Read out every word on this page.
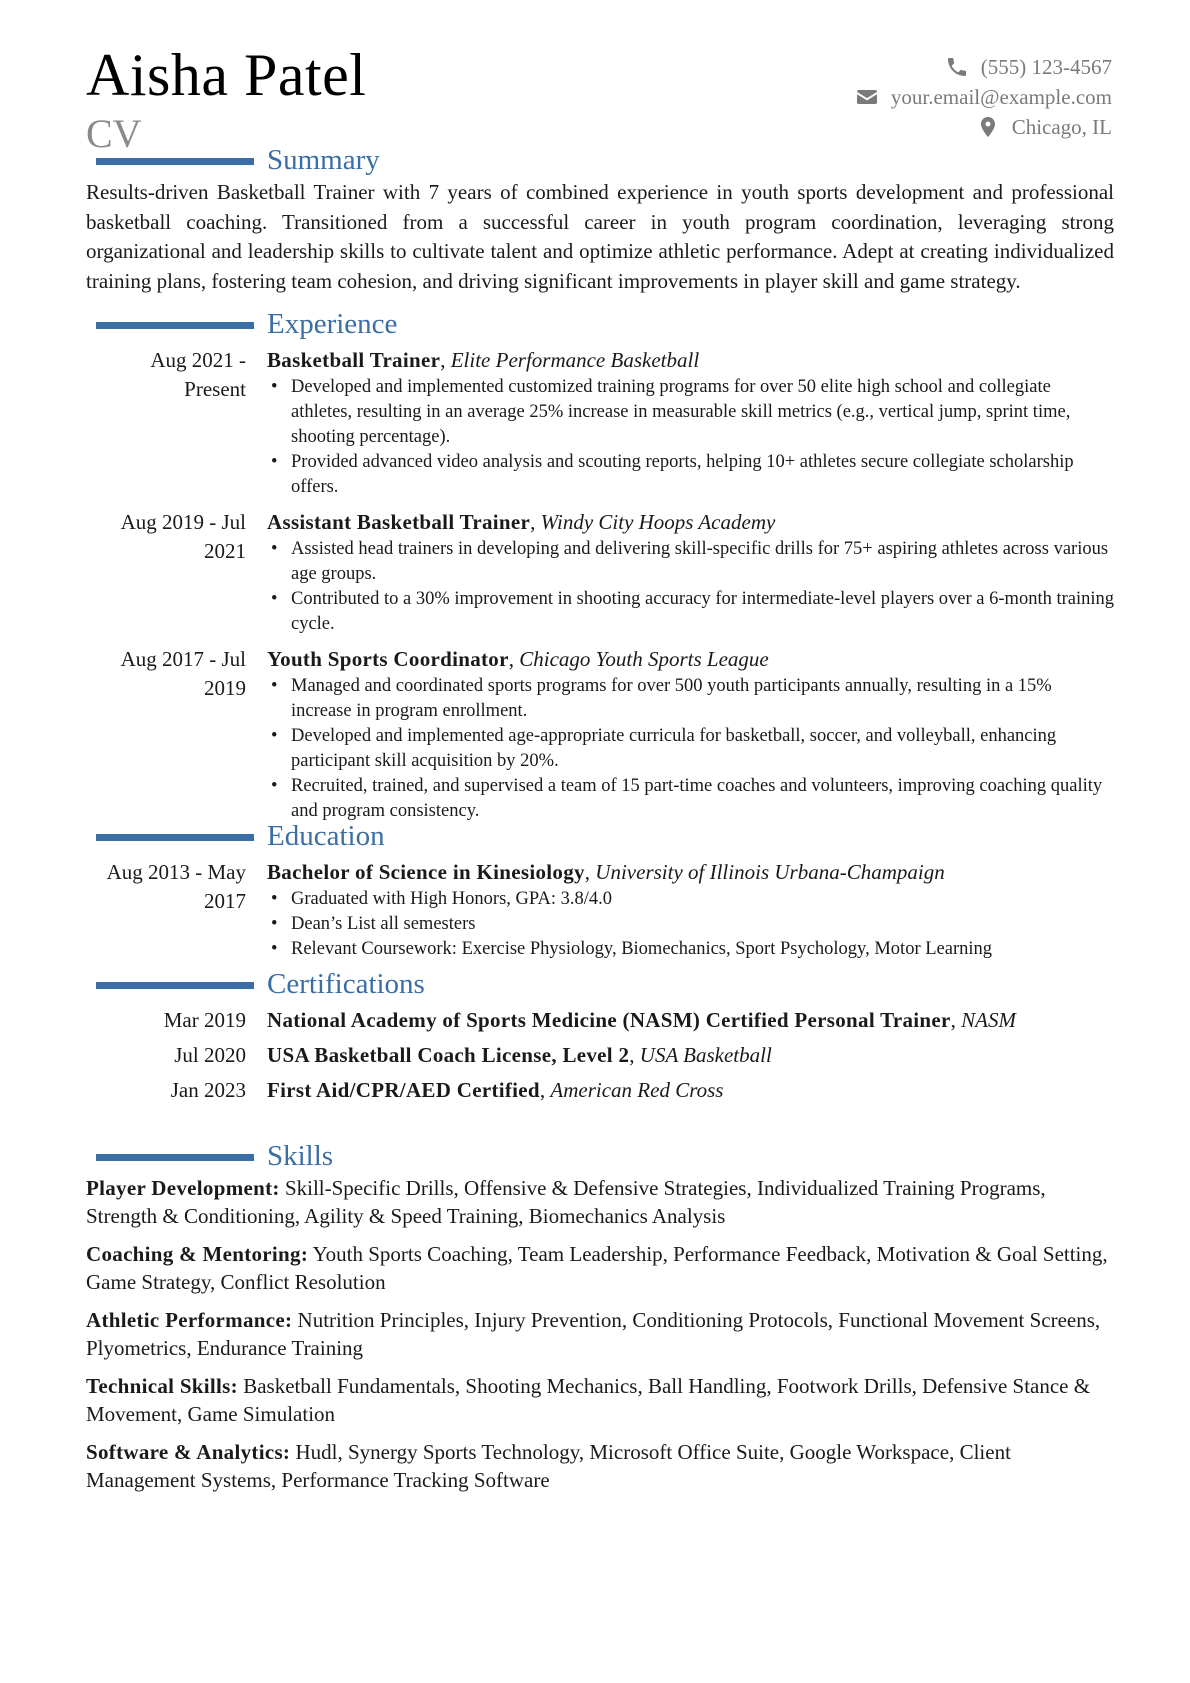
Aisha Patel
CV
(555) 123-4567
your.email@example.com
Chicago, IL
Summary

Results-driven Basketball Trainer with 7 years of combined experience in youth sports development and professional basketball coaching. Transitioned from a successful career in youth program coordination, leveraging strong organizational and leadership skills to cultivate talent and optimize athletic performance. Adept at creating individualized training plans, fostering team cohesion, and driving significant improvements in player skill and game strategy.

Experience
Aug 2021 - Present
Basketball Trainer, Elite Performance Basketball
• Developed and implemented customized training programs for over 50 elite high school and collegiate athletes, resulting in an average 25% increase in measurable skill metrics (e.g., vertical jump, sprint time, shooting percentage).
• Provided advanced video analysis and scouting reports, helping 10+ athletes secure collegiate scholarship offers.
Aug 2019 - Jul 2021
Assistant Basketball Trainer, Windy City Hoops Academy
• Assisted head trainers in developing and delivering skill-specific drills for 75+ aspiring athletes across various age groups.
• Contributed to a 30% improvement in shooting accuracy for intermediate-level players over a 6-month training cycle.
Aug 2017 - Jul 2019
Youth Sports Coordinator, Chicago Youth Sports League
• Managed and coordinated sports programs for over 500 youth participants annually, resulting in a 15% increase in program enrollment.
• Developed and implemented age-appropriate curricula for basketball, soccer, and volleyball, enhancing participant skill acquisition by 20%.
• Recruited, trained, and supervised a team of 15 part-time coaches and volunteers, improving coaching quality and program consistency.
Education
Aug 2013 - May 2017
Bachelor of Science in Kinesiology, University of Illinois Urbana-Champaign
• Graduated with High Honors, GPA: 3.8/4.0
• Dean’s List all semesters
• Relevant Coursework: Exercise Physiology, Biomechanics, Sport Psychology, Motor Learning
Certifications
Mar 2019 National Academy of Sports Medicine (NASM) Certified Personal Trainer, NASM
Jul 2020 USA Basketball Coach License, Level 2, USA Basketball
Jan 2023 First Aid/CPR/AED Certified, American Red Cross
Skills

Player Development: Skill-Specific Drills, Offensive & Defensive Strategies, Individualized Training Programs, Strength & Conditioning, Agility & Speed Training, Biomechanics Analysis

Coaching & Mentoring: Youth Sports Coaching, Team Leadership, Performance Feedback, Motivation & Goal Setting, Game Strategy, Conflict Resolution

Athletic Performance: Nutrition Principles, Injury Prevention, Conditioning Protocols, Functional Movement Screens, Plyometrics, Endurance Training

Technical Skills: Basketball Fundamentals, Shooting Mechanics, Ball Handling, Footwork Drills, Defensive Stance & Movement, Game Simulation

Software & Analytics: Hudl, Synergy Sports Technology, Microsoft Office Suite, Google Workspace, Client Management Systems, Performance Tracking Software
